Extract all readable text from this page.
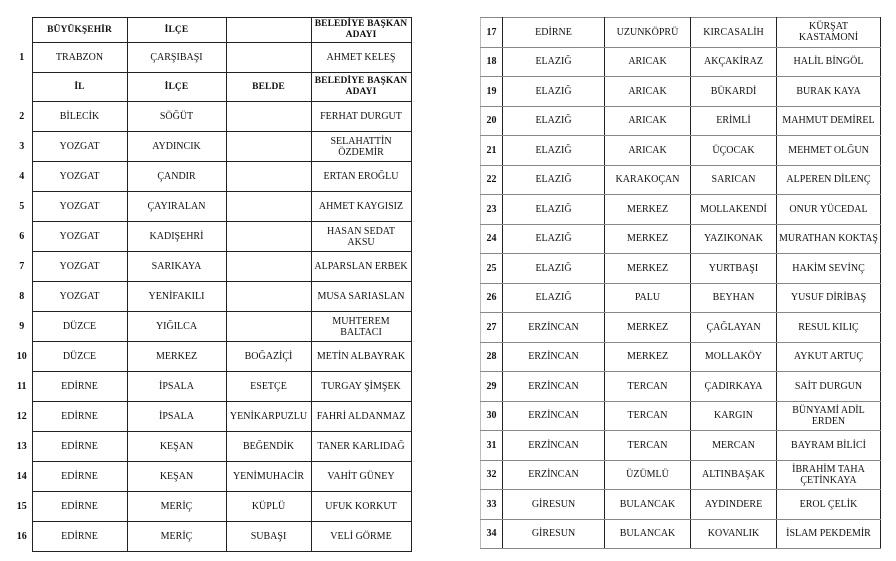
	BÜYÜKŞEHİR	İLÇE		BELEDİYE BAŞKAN ADAYI
1	TRABZON	ÇARŞIBAŞI		AHMET KELEŞ
	İL	İLÇE	BELDE	BELEDİYE BAŞKAN ADAYI
2	BİLECİK	SÖĞÜT		FERHAT DURGUT
3	YOZGAT	AYDINCIK		SELAHATTİN ÖZDEMİR
4	YOZGAT	ÇANDIR		ERTAN EROĞLU
5	YOZGAT	ÇAYIRALAN		AHMET KAYGISIZ
6	YOZGAT	KADIŞEHRİ		HASAN SEDAT AKSU
7	YOZGAT	SARIKAYA		ALPARSLAN ERBEK
8	YOZGAT	YENİFAKILI		MUSA SARIASLAN
9	DÜZCE	YIĞILCA		MUHTEREM BALTACI
10	DÜZCE	MERKEZ	BOĞAZİÇİ	METİN ALBAYRAK
11	EDİRNE	İPSALA	ESETÇE	TURGAY ŞİMŞEK
12	EDİRNE	İPSALA	YENİKARPUZLU	FAHRİ ALDANMAZ
13	EDİRNE	KEŞAN	BEĞENDİK	TANER KARLIDAĞ
14	EDİRNE	KEŞAN	YENİMUHACİR	VAHİT GÜNEY
15	EDİRNE	MERİÇ	KÜPLÜ	UFUK KORKUT
16	EDİRNE	MERİÇ	SUBAŞI	VELİ GÖRME
17	EDİRNE	UZUNKÖPRÜ	KIRCASALİH	KÜRŞAT KASTAMONİ
18	ELAZIĞ	ARICAK	AKÇAKİRAZ	HALİL BİNGÖL
19	ELAZIĞ	ARICAK	BÜKARDİ	BURAK KAYA
20	ELAZIĞ	ARICAK	ERİMLİ	MAHMUT DEMİREL
21	ELAZIĞ	ARICAK	ÜÇOCAK	MEHMET OLĞUN
22	ELAZIĞ	KARAKOÇAN	SARICAN	ALPEREN DİLENÇ
23	ELAZIĞ	MERKEZ	MOLLAKENDİ	ONUR YÜCEDAL
24	ELAZIĞ	MERKEZ	YAZIKONAK	MURATHAN KOKTAŞ
25	ELAZIĞ	MERKEZ	YURTBAŞI	HAKİM SEVİNÇ
26	ELAZIĞ	PALU	BEYHAN	YUSUF DİRİBAŞ
27	ERZİNCAN	MERKEZ	ÇAĞLAYAN	RESUL KILIÇ
28	ERZİNCAN	MERKEZ	MOLLAKÖY	AYKUT ARTUÇ
29	ERZİNCAN	TERCAN	ÇADIRKAYA	SAİT DURGUN
30	ERZİNCAN	TERCAN	KARGIN	BÜNYAMİ ADİL ERDEN
31	ERZİNCAN	TERCAN	MERCAN	BAYRAM BİLİCİ
32	ERZİNCAN	ÜZÜMLÜ	ALTINBAŞAK	İBRAHİM TAHA ÇETİNKAYA
33	GİRESUN	BULANCAK	AYDINDERE	EROL ÇELİK
34	GİRESUN	BULANCAK	KOVANLIK	İSLAM PEKDEMİR
